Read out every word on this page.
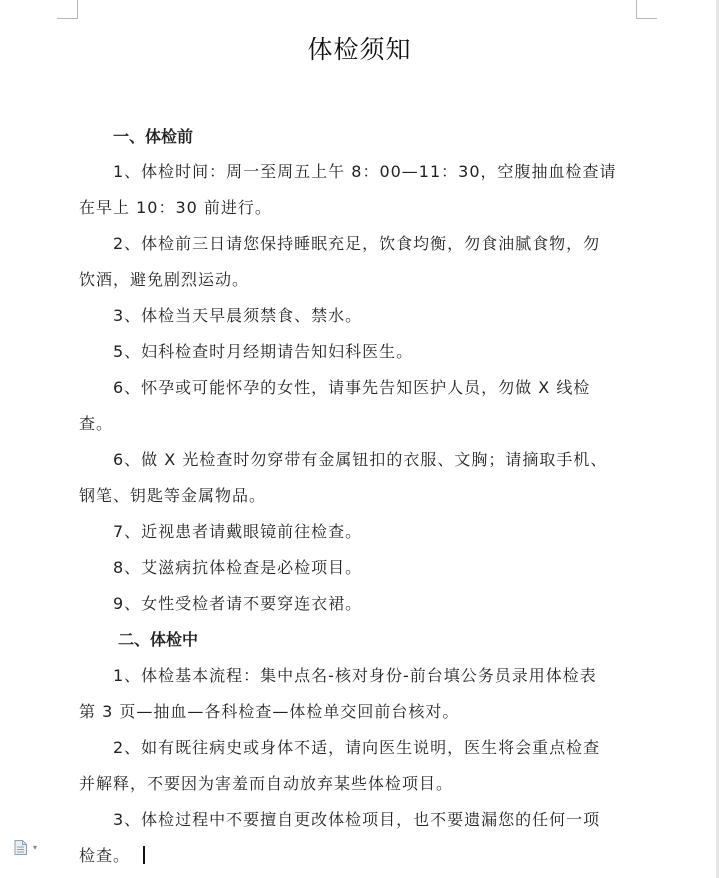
体检须知
一、体检前
1、体检时间：周一至周五上午 8：00—11：30，空腹抽血检查请
在早上 10：30 前进行。
2、体检前三日请您保持睡眠充足，饮食均衡，勿食油腻食物，勿
饮酒，避免剧烈运动。
3、体检当天早晨须禁食、禁水。
5、妇科检查时月经期请告知妇科医生。
6、怀孕或可能怀孕的女性，请事先告知医护人员，勿做 X 线检
查。
6、做 X 光检查时勿穿带有金属钮扣的衣服、文胸；请摘取手机、
钢笔、钥匙等金属物品。
7、近视患者请戴眼镜前往检查。
8、艾滋病抗体检查是必检项目。
9、女性受检者请不要穿连衣裙。
二、体检中
1、体检基本流程：集中点名-核对身份-前台填公务员录用体检表
第 3 页—抽血—各科检查—体检单交回前台核对。
2、如有既往病史或身体不适，请向医生说明，医生将会重点检查
并解释，不要因为害羞而自动放弃某些体检项目。
3、体检过程中不要擅自更改体检项目，也不要遗漏您的任何一项
检查。
▾
